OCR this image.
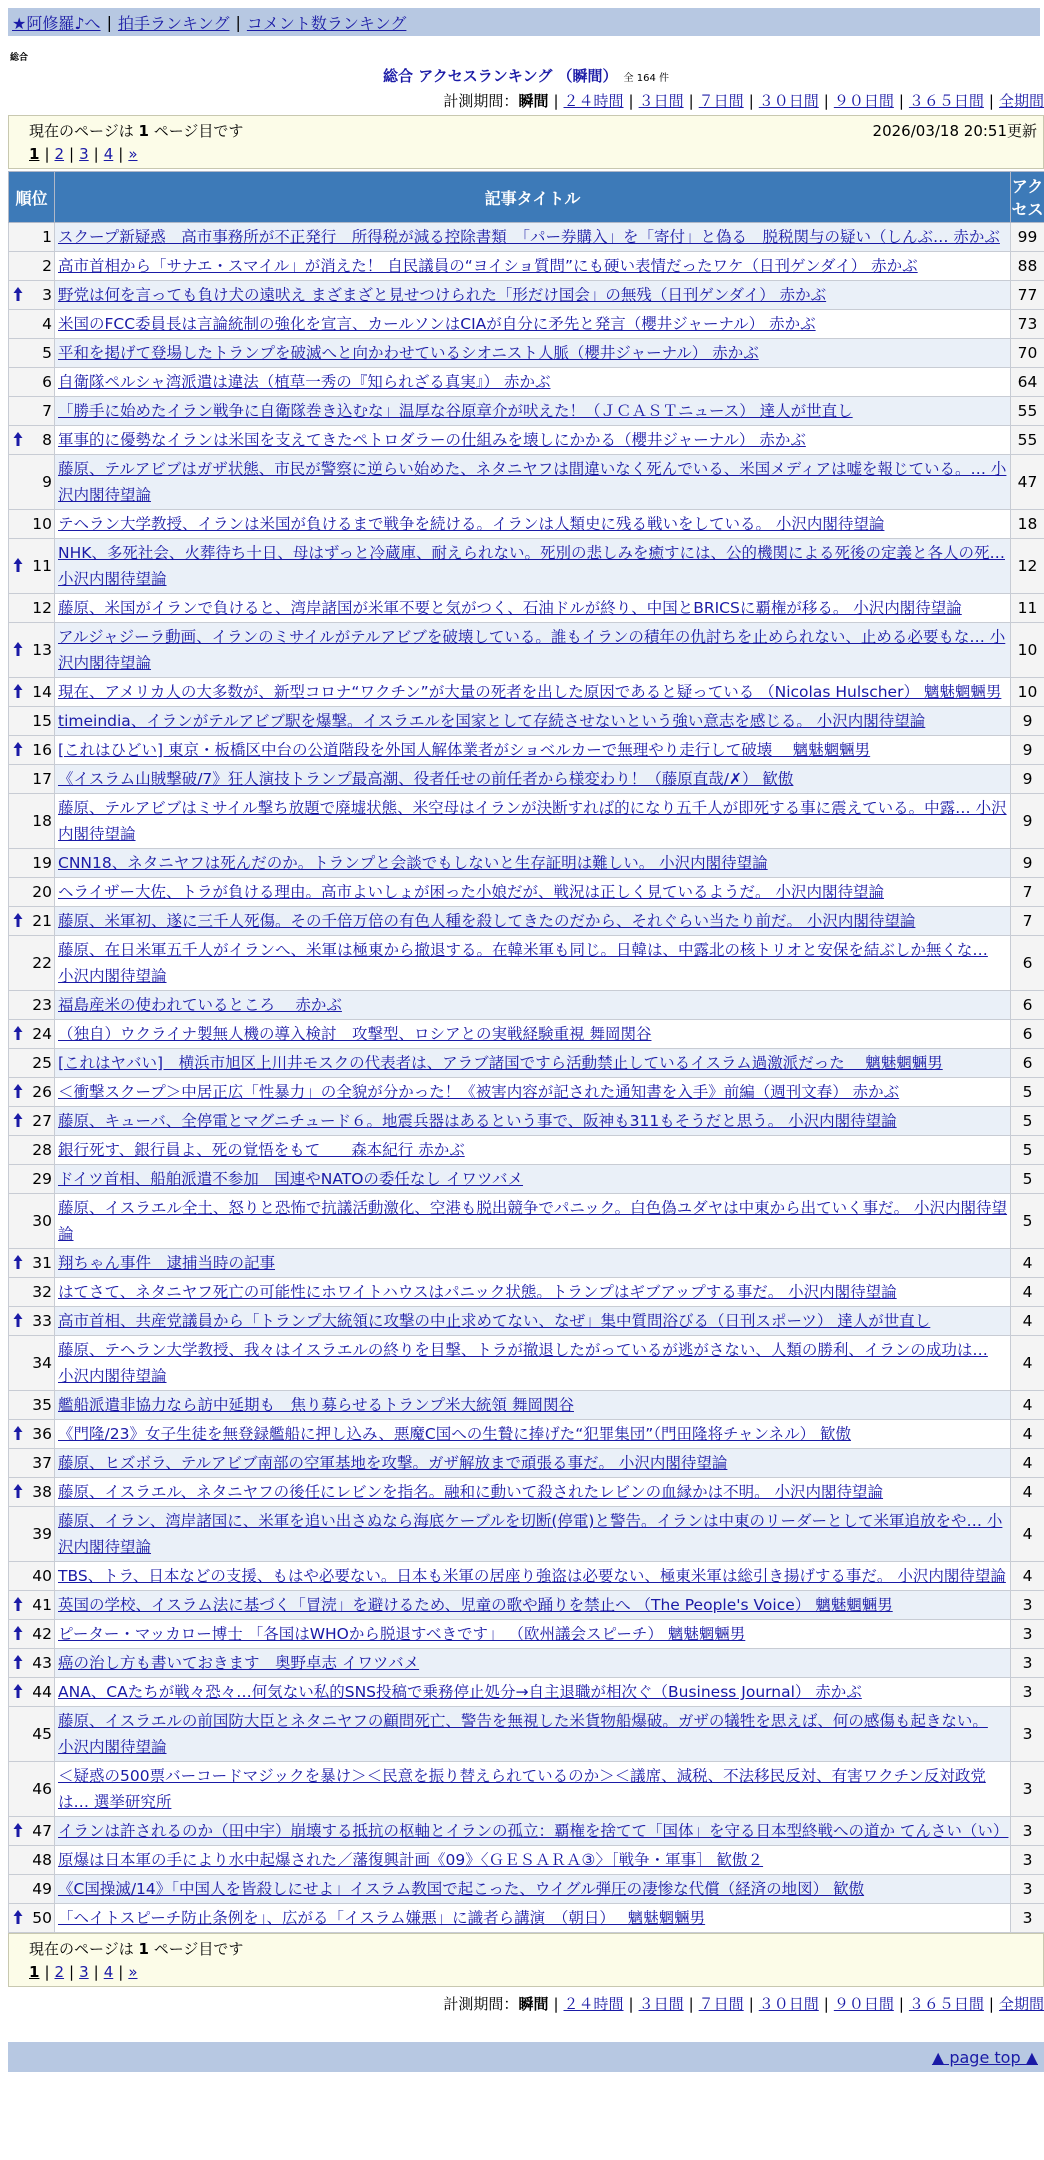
★阿修羅♪へ | 拍手ランキング | コメント数ランキング
総合
総合 アクセスランキング （瞬間） 全 164 件
計測期間：瞬間 | ２４時間 | ３日間 | ７日間 | ３０日間 | ９０日間 | ３６５日間 | 全期間
現在のページは 1 ページ目です	2026/03/18 20:51更新
1 | 2 | 3 | 4 | »
順位	記事タイトル	アクセス
1	スクープ新疑惑　高市事務所が不正発行　所得税が減る控除書類　「パー券購入」を「寄付」と偽る　脱税関与の疑い（しんぶ… 赤かぶ	99
2	高市首相から「サナエ・スマイル」が消えた！ 自民議員の“ヨイショ質問”にも硬い表情だったワケ（日刊ゲンダイ） 赤かぶ	88

3	野党は何を言っても負け犬の遠吠え まざまざと見せつけられた「形だけ国会」の無残（日刊ゲンダイ） 赤かぶ	77
4	米国のFCC委員長は言論統制の強化を宣言、カールソンはCIAが自分に矛先と発言（櫻井ジャーナル） 赤かぶ	73
5	平和を掲げて登場したトランプを破滅へと向かわせているシオニスト人脈（櫻井ジャーナル） 赤かぶ	70
6	自衛隊ペルシャ湾派遣は違法（植草一秀の『知られざる真実』） 赤かぶ	64
7	「勝手に始めたイラン戦争に自衛隊巻き込むな」温厚な谷原章介が吠えた！（ＪＣＡＳＴニュース） 達人が世直し	55

8	軍事的に優勢なイランは米国を支えてきたペトロダラーの仕組みを壊しにかかる（櫻井ジャーナル） 赤かぶ	55
9	藤原、テルアビブはガザ状態、市民が警察に逆らい始めた、ネタニヤフは間違いなく死んでいる、米国メディアは嘘を報じている。… 小沢内閣待望論	47
10	テヘラン大学教授、イランは米国が負けるまで戦争を続ける。イランは人類史に残る戦いをしている。 小沢内閣待望論	18

11	NHK、多死社会、火葬待ち十日、母はずっと冷蔵庫、耐えられない。死別の悲しみを癒すには、公的機関による死後の定義と各人の死… 小沢内閣待望論	12
12	藤原、米国がイランで負けると、湾岸諸国が米軍不要と気がつく、石油ドルが終り、中国とBRICSに覇権が移る。 小沢内閣待望論	11

13	アルジャジーラ動画、イランのミサイルがテルアビブを破壊している。誰もイランの積年の仇討ちを止められない、止める必要もな… 小沢内閣待望論	10

14	現在、アメリカ人の大多数が、新型コロナ“ワクチン”が大量の死者を出した原因であると疑っている （Nicolas Hulscher） 魑魅魍魎男	10
15	timeindia、イランがテルアビブ駅を爆撃。イスラエルを国家として存続させないという強い意志を感じる。 小沢内閣待望論	9

16	[これはひどい] 東京・板橋区中台の公道階段を外国人解体業者がショベルカーで無理やり走行して破壊　 魑魅魍魎男	9
17	《イスラム山賊撃破/7》狂人演技トランプ最高潮、役者任せの前任者から様変わり！（藤原直哉/✗） 歓傲	9
18	藤原、テルアビブはミサイル撃ち放題で廃墟状態、米空母はイランが決断すれば的になり五千人が即死する事に震えている。中露… 小沢内閣待望論	9
19	CNN18、ネタニヤフは死んだのか。トランプと会談でもしないと生存証明は難しい。 小沢内閣待望論	9
20	ヘライザー大佐、トラが負ける理由。高市よいしょが困った小娘だが、戦況は正しく見ているようだ。 小沢内閣待望論	7

21	藤原、米軍初、遂に三千人死傷。その千倍万倍の有色人種を殺してきたのだから、それぐらい当たり前だ。 小沢内閣待望論	7
22	藤原、在日米軍五千人がイランへ、米軍は極東から撤退する。在韓米軍も同じ。日韓は、中露北の核トリオと安保を結ぶしか無くな… 小沢内閣待望論	6
23	福島産米の使われているところ　 赤かぶ	6

24	（独自）ウクライナ製無人機の導入検討　攻撃型、ロシアとの実戦経験重視 舞岡関谷	6
25	[これはヤバい]　横浜市旭区上川井モスクの代表者は、アラブ諸国ですら活動禁止しているイスラム過激派だった　 魑魅魍魎男	6

26	＜衝撃スクープ＞中居正広「性暴力」の全貌が分かった！《被害内容が記された通知書を入手》前編（週刊文春） 赤かぶ	5

27	藤原、キューバ、全停電とマグニチュード６。地震兵器はあるという事で、阪神も311もそうだと思う。 小沢内閣待望論	5
28	銀行死す、銀行員よ、死の覚悟をもて　　森本紀行 赤かぶ	5
29	ドイツ首相、船舶派遣不参加　国連やNATOの委任なし イワツバメ	5
30	藤原、イスラエル全土、怒りと恐怖で抗議活動激化、空港も脱出競争でパニック。白色偽ユダヤは中東から出ていく事だ。 小沢内閣待望論	5

31	翔ちゃん事件　逮捕当時の記事	4
32	はてさて、ネタニヤフ死亡の可能性にホワイトハウスはパニック状態。トランプはギブアップする事だ。 小沢内閣待望論	4

33	高市首相、共産党議員から「トランプ大統領に攻撃の中止求めてない、なぜ」集中質問浴びる（日刊スポーツ） 達人が世直し	4
34	藤原、テヘラン大学教授、我々はイスラエルの終りを目撃、トラが撤退したがっているが逃がさない、人類の勝利、イランの成功は… 小沢内閣待望論	4
35	艦船派遣非協力なら訪中延期も　焦り募らせるトランプ米大統領 舞岡関谷	4

36	《門隆/23》女子生徒を無登録艦船に押し込み、悪魔C国への生贄に捧げた“犯罪集団”（門田隆将チャンネル） 歓傲	4
37	藤原、ヒズボラ、テルアビブ南部の空軍基地を攻撃。ガザ解放まで頑張る事だ。 小沢内閣待望論	4

38	藤原、イスラエル、ネタニヤフの後任にレビンを指名。融和に動いて殺されたレビンの血縁かは不明。 小沢内閣待望論	4
39	藤原、イラン、湾岸諸国に、米軍を追い出さぬなら海底ケーブルを切断(停電)と警告。イランは中東のリーダーとして米軍追放をや… 小沢内閣待望論	4
40	TBS、トラ、日本などの支援、もはや必要ない。日本も米軍の居座り強盗は必要ない、極東米軍は総引き揚げする事だ。 小沢内閣待望論	4

41	英国の学校、イスラム法に基づく「冒涜」を避けるため、児童の歌や踊りを禁止へ （The People's Voice） 魑魅魍魎男	3

42	ピーター・マッカロー博士 「各国はWHOから脱退すべきです」 （欧州議会スピーチ） 魑魅魍魎男	3

43	癌の治し方も書いておきます　奥野卓志 イワツバメ	3

44	ANA、CAたちが戦々恐々…何気ない私的SNS投稿で乗務停止処分→自主退職が相次ぐ（Business Journal） 赤かぶ	3
45	藤原、イスラエルの前国防大臣とネタニヤフの顧問死亡、警告を無視した米貨物船爆破。ガザの犠牲を思えば、何の感傷も起きない。 小沢内閣待望論	3
46	＜疑惑の500票バーコードマジックを暴け＞＜民意を振り替えられているのか＞＜議席、減税、不法移民反対、有害ワクチン反対政党は… 選挙研究所	3

47	イランは許されるのか（田中宇）崩壊する抵抗の枢軸とイランの孤立：覇権を捨てて「国体」を守る日本型終戦への道か てんさい（い）	3
48	原爆は日本軍の手により水中起爆された／藩復興計画《09》〈ＧＥＳＡＲＡ③〉［戦争・軍事］ 歓傲２	3
49	《C国操滅/14》「中国人を皆殺しにせよ」イスラム教国で起こった、ウイグル弾圧の凄惨な代償（経済の地図） 歓傲	3

50	「ヘイトスピーチ防止条例を」、広がる「イスラム嫌悪」に識者ら講演　（朝日）　 魑魅魍魎男	3
現在のページは 1 ページ目です
1 | 2 | 3 | 4 | »
計測期間：瞬間 | ２４時間 | ３日間 | ７日間 | ３０日間 | ９０日間 | ３６５日間 | 全期間
▲ page top ▲
